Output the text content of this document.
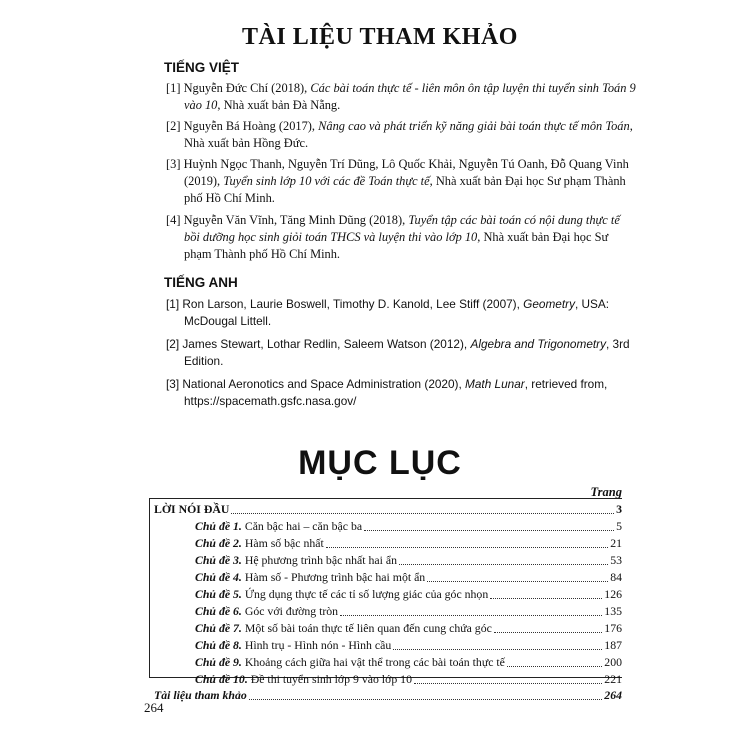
TÀI LIỆU THAM KHẢO
TIẾNG VIỆT
[1] Nguyễn Đức Chí (2018), Các bài toán thực tế - liên môn ôn tập luyện thi tuyển sinh Toán 9 vào 10, Nhà xuất bản Đà Nẵng.
[2] Nguyễn Bá Hoàng (2017), Nâng cao và phát triển kỹ năng giải bài toán thực tế môn Toán, Nhà xuất bản Hồng Đức.
[3] Huỳnh Ngọc Thanh, Nguyễn Trí Dũng, Lô Quốc Khải, Nguyễn Tú Oanh, Đỗ Quang Vinh (2019), Tuyển sinh lớp 10 với các đề Toán thực tế, Nhà xuất bản Đại học Sư phạm Thành phố Hồ Chí Minh.
[4] Nguyễn Văn Vĩnh, Tăng Minh Dũng (2018), Tuyển tập các bài toán có nội dung thực tế bồi dưỡng học sinh giỏi toán THCS và luyện thi vào lớp 10, Nhà xuất bản Đại học Sư phạm Thành phố Hồ Chí Minh.
TIẾNG ANH
[1] Ron Larson, Laurie Boswell, Timothy D. Kanold, Lee Stiff (2007), Geometry, USA: McDougal Littell.
[2] James Stewart, Lothar Redlin, Saleem Watson (2012), Algebra and Trigonometry, 3rd Edition.
[3] National Aeronotics and Space Administration (2020), Math Lunar, retrieved from, https://spacemath.gsfc.nasa.gov/
MỤC LỤC
Trang
LỜI NÓI ĐẦU	3
Chủ đề 1. Căn bậc hai – căn bậc ba	5
Chủ đề 2. Hàm số bậc nhất	21
Chủ đề 3. Hệ phương trình bậc nhất hai ẩn	53
Chủ đề 4. Hàm số - Phương trình bậc hai một ẩn	84
Chủ đề 5. Ứng dụng thực tế các tỉ số lượng giác của góc nhọn	126
Chủ đề 6. Góc với đường tròn	135
Chủ đề 7. Một số bài toán thực tế liên quan đến cung chứa góc	176
Chủ đề 8. Hình trụ - Hình nón - Hình cầu	187
Chủ đề 9. Khoảng cách giữa hai vật thể trong các bài toán thực tế	200
Chủ đề 10. Đề thi tuyển sinh lớp 9 vào lớp 10	221
Tài liệu tham khảo	264
264
